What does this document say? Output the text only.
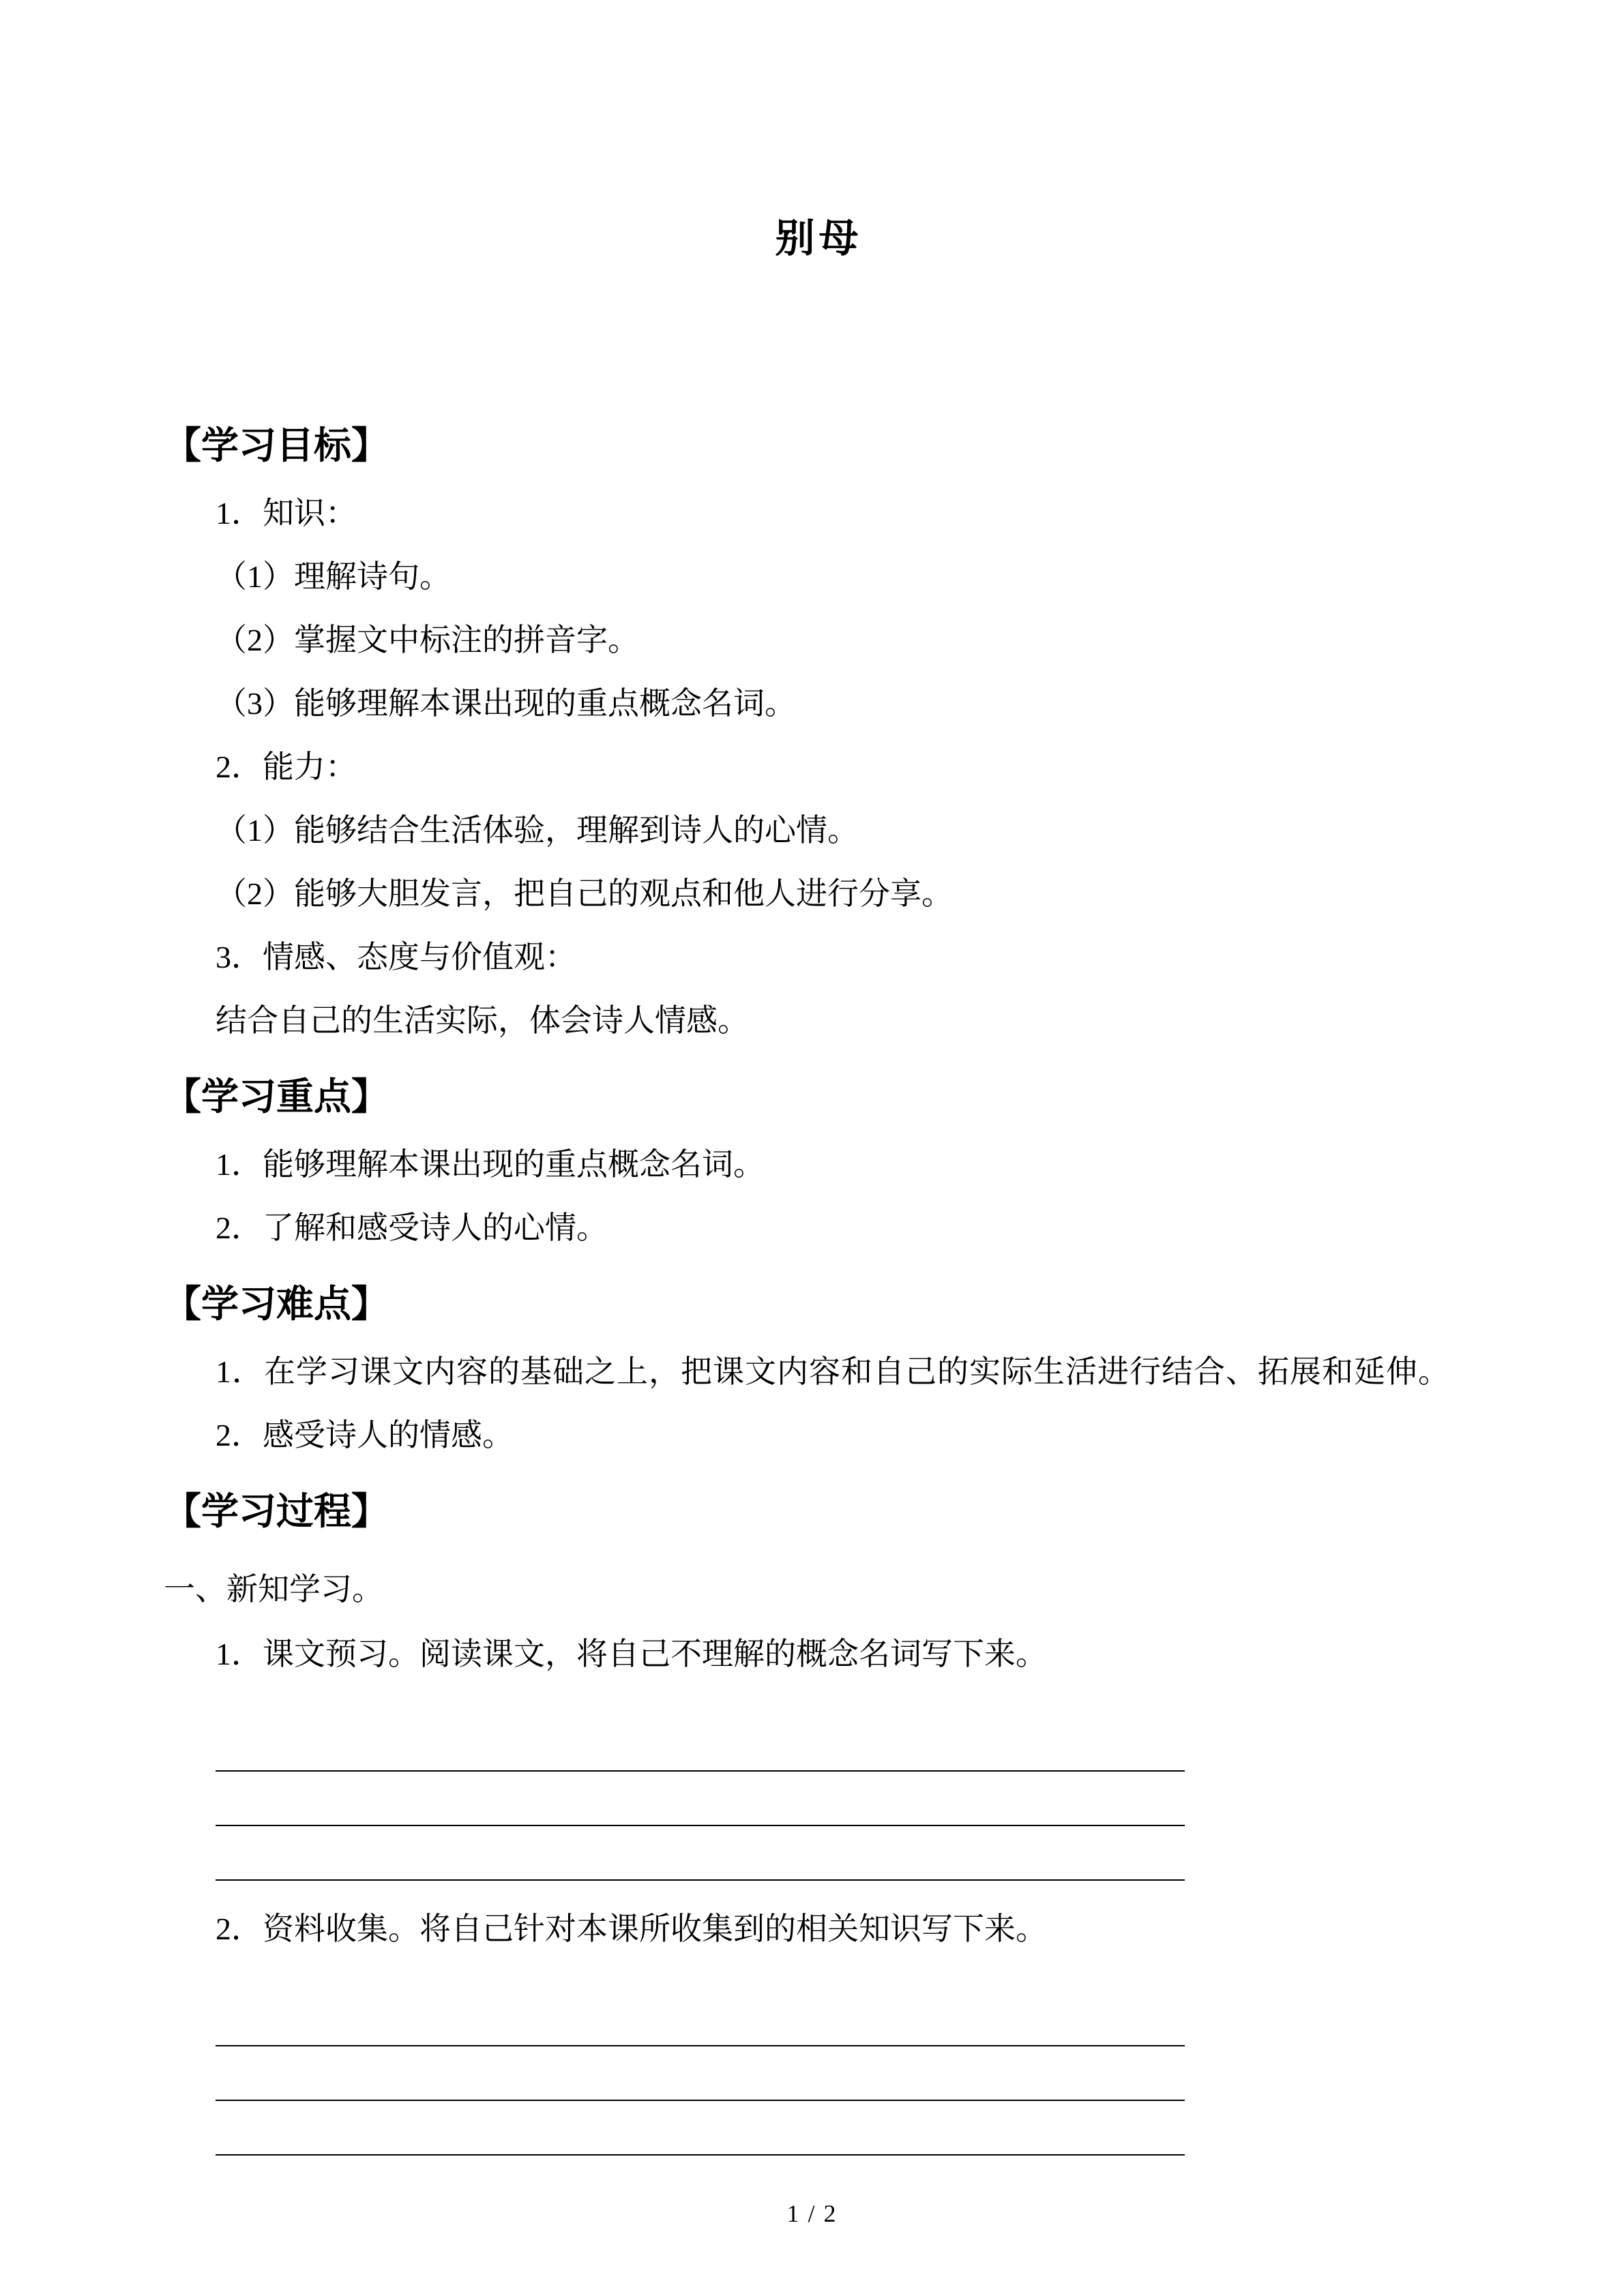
别母
【学习目标】

1．知识：

（1）理解诗句。

（2）掌握文中标注的拼音字。

（3）能够理解本课出现的重点概念名词。

2．能力：

（1）能够结合生活体验，理解到诗人的心情。

（2）能够大胆发言，把自己的观点和他人进行分享。

3．情感、态度与价值观：

结合自己的生活实际，体会诗人情感。

【学习重点】

1．能够理解本课出现的重点概念名词。

2．了解和感受诗人的心情。

【学习难点】

1．在学习课文内容的基础之上，把课文内容和自己的实际生活进行结合、拓展和延伸。

2．感受诗人的情感。

【学习过程】

一、新知学习。

1．课文预习。阅读课文，将自己不理解的概念名词写下来。

2．资料收集。将自己针对本课所收集到的相关知识写下来。

1 / 2
